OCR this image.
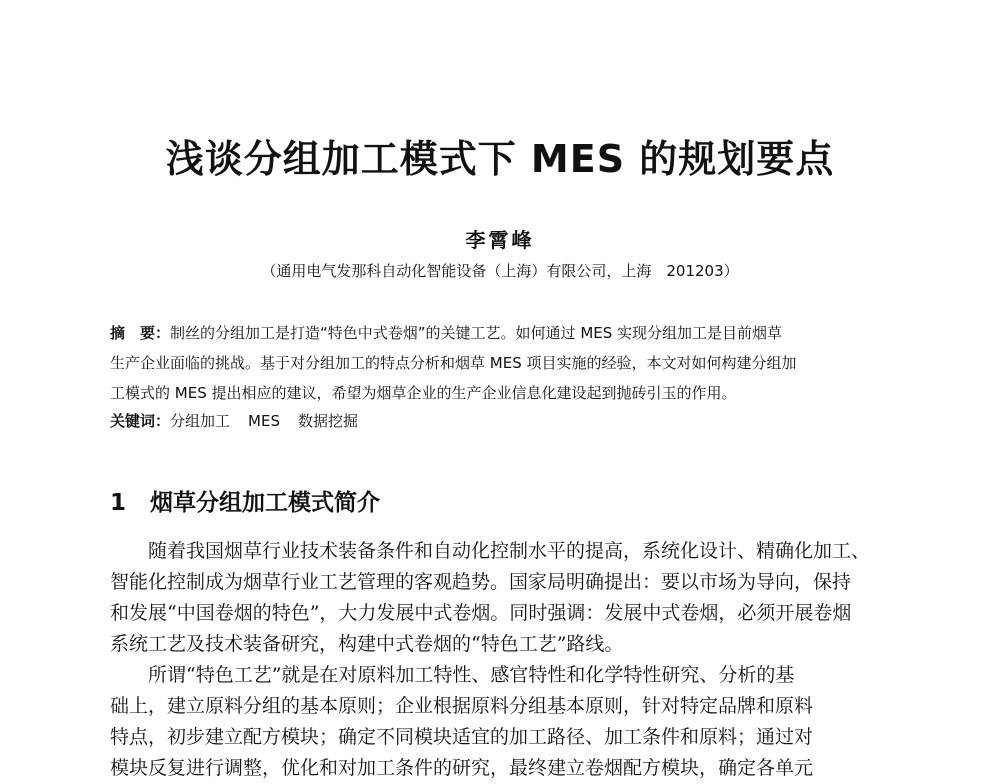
浅谈分组加工模式下 MES 的规划要点
李霄峰
（通用电气发那科自动化智能设备（上海）有限公司，上海　201203）
摘　要：制丝的分组加工是打造“特色中式卷烟”的关键工艺。如何通过 MES 实现分组加工是目前烟草
生产企业面临的挑战。基于对分组加工的特点分析和烟草 MES 项目实施的经验，本文对如何构建分组加
工模式的 MES 提出相应的建议，希望为烟草企业的生产企业信息化建设起到抛砖引玉的作用。
关键词：分组加工 MES 数据挖掘
1 烟草分组加工模式简介
随着我国烟草行业技术装备条件和自动化控制水平的提高，系统化设计、精确化加工、
智能化控制成为烟草行业工艺管理的客观趋势。国家局明确提出：要以市场为导向，保持
和发展“中国卷烟的特色”，大力发展中式卷烟。同时强调：发展中式卷烟，必须开展卷烟
系统工艺及技术装备研究，构建中式卷烟的“特色工艺”路线。
所谓“特色工艺”就是在对原料加工特性、感官特性和化学特性研究、分析的基
础上，建立原料分组的基本原则；企业根据原料分组基本原则，针对特定品牌和原料
特点，初步建立配方模块；确定不同模块适宜的加工路径、加工条件和原料；通过对
模块反复进行调整，优化和对加工条件的研究，最终建立卷烟配方模块，确定各单元
